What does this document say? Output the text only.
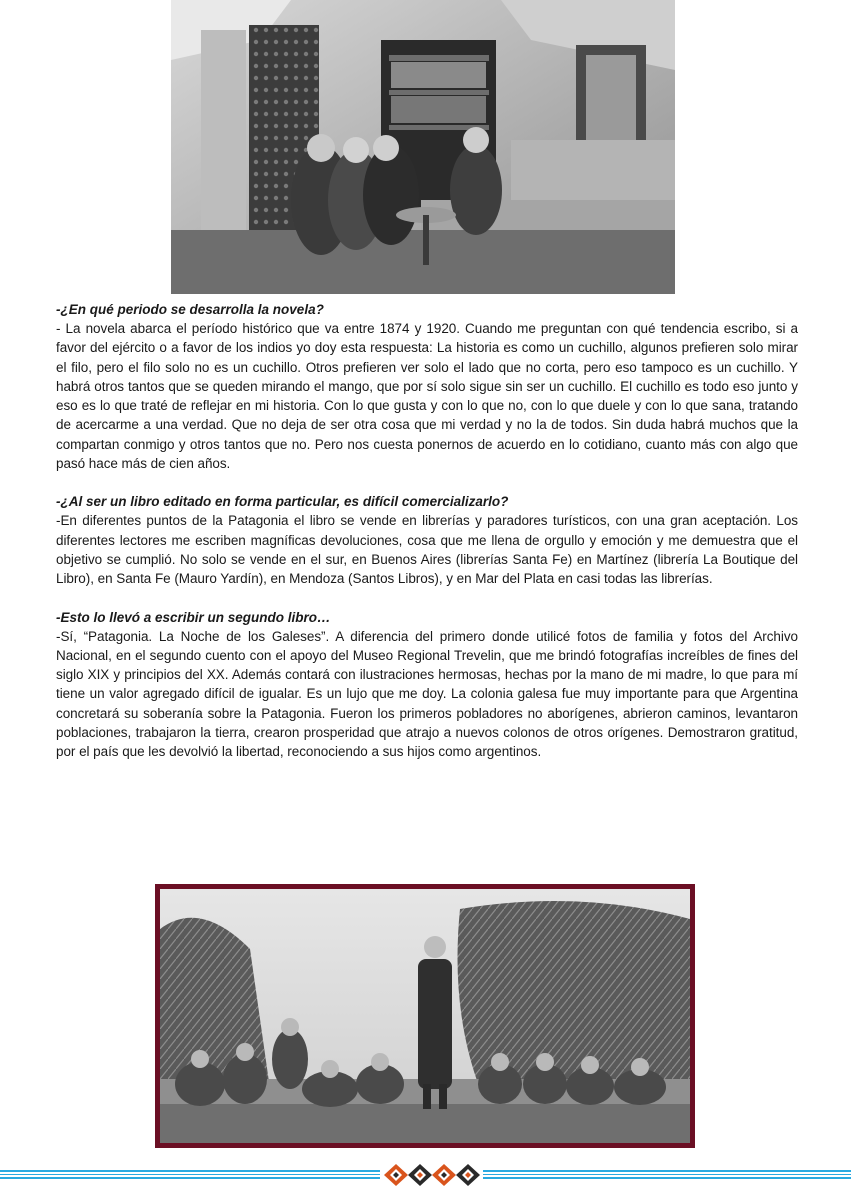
-¿En qué periodo se desarrolla la novela?

- La novela abarca el período histórico que va entre 1874 y 1920. Cuando me preguntan con qué tendencia escribo, si a favor del ejército o a favor de los indios yo doy esta respuesta: La historia es como un cuchillo, algunos prefieren solo mirar el filo, pero el filo solo no es un cuchillo. Otros prefieren ver solo el lado que no corta, pero eso tampoco es un cuchillo. Y habrá otros tantos que se queden mirando el mango, que por sí solo sigue sin ser un cuchillo. El cuchillo es todo eso junto y eso es lo que traté de reflejar en mi historia. Con lo que gusta y con lo que no, con lo que duele y con lo que sana, tratando de acercarme a una verdad. Que no deja de ser otra cosa que mi verdad y no la de todos. Sin duda habrá muchos que la compartan conmigo y otros tantos que no. Pero nos cuesta ponernos de acuerdo en lo cotidiano, cuanto más con algo que pasó hace más de cien años.

-¿Al ser un libro editado en forma particular, es difícil comercializarlo?

-En diferentes puntos de la Patagonia el libro se vende en librerías y paradores turísticos, con una gran aceptación. Los diferentes lectores me escriben magníficas devoluciones, cosa que me llena de orgullo y emoción y me demuestra que el objetivo se cumplió. No solo se vende en el sur, en Buenos Aires (librerías Santa Fe) en Martínez (librería La Boutique del Libro), en Santa Fe (Mauro Yardín), en Mendoza (Santos Libros), y en Mar del Plata en casi todas las librerías.

-Esto lo llevó a escribir un segundo libro…

-Sí, “Patagonia. La Noche de los Galeses”. A diferencia del primero donde utilicé fotos de familia y fotos del Archivo Nacional, en el segundo cuento con el apoyo del Museo Regional Trevelin, que me brindó fotografías increíbles de fines del siglo XIX y principios del XX. Además contará con ilustraciones hermosas, hechas por la mano de mi madre, lo que para mí tiene un valor agregado difícil de igualar. Es un lujo que me doy. La colonia galesa fue muy importante para que Argentina concretará su soberanía sobre la Patagonia. Fueron los primeros pobladores no aborígenes, abrieron caminos, levantaron poblaciones, trabajaron la tierra, crearon prosperidad que atrajo a nuevos colonos de otros orígenes. Demostraron gratitud, por el país que les devolvió la libertad, reconociendo a sus hijos como argentinos.
